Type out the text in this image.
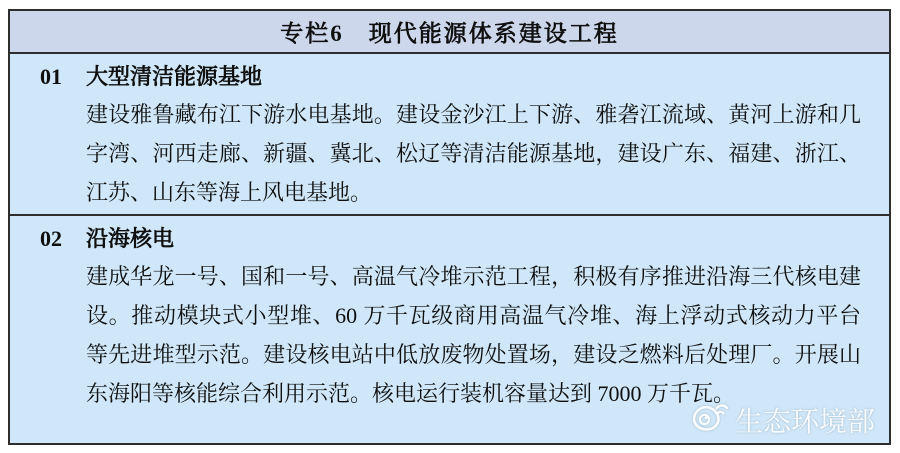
专栏6　现代能源体系建设工程
01	大型清洁能源基地

建设雅鲁藏布江下游水电基地。建设金沙江上下游、雅砻江流域、黄河上游和几字湾、河西走廊、新疆、冀北、松辽等清洁能源基地，建设广东、福建、浙江、江苏、山东等海上风电基地。

02	沿海核电

建成华龙一号、国和一号、高温气冷堆示范工程，积极有序推进沿海三代核电建设。推动模块式小型堆、60 万千瓦级商用高温气冷堆、海上浮动式核动力平台等先进堆型示范。建设核电站中低放废物处置场，建设乏燃料后处理厂。开展山东海阳等核能综合利用示范。核电运行装机容量达到 7000 万千瓦。

生态环境部
